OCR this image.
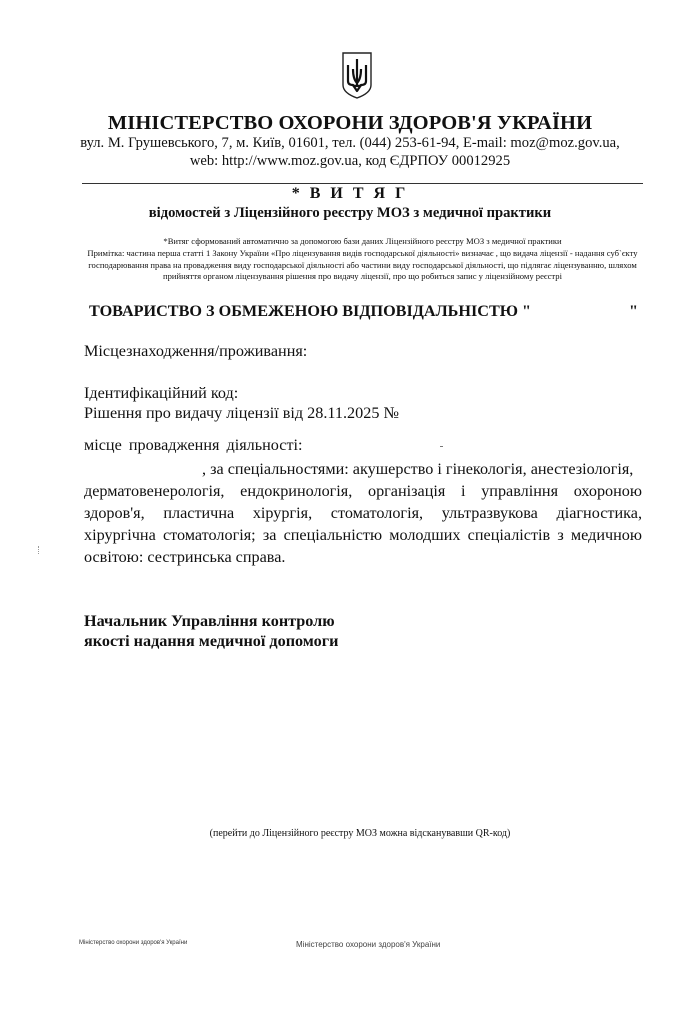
МІНІСТЕРСТВО ОХОРОНИ ЗДОРОВ'Я УКРАЇНИ
вул. М. Грушевського, 7, м. Київ, 01601, тел. (044) 253-61-94, E-mail: moz@moz.gov.ua,
web: http://www.moz.gov.ua, код ЄДРПОУ 00012925
* В И Т Я Г
відомостей з Ліцензійного реєстру МОЗ з медичної практики
*Витяг сформований автоматично за допомогою бази даних Ліцензійного реєстру МОЗ з медичної практики
Примітка: частина перша статті 1 Закону України «Про ліцензування видів господарської діяльності» визначає , що видача ліцензії - надання суб`єкту господарювання права на провадження виду господарської діяльності або частини виду господарської діяльності, що підлягає ліцензуванню, шляхом прийняття органом ліцензування рішення про видачу ліцензії, про що робиться запис у ліцензійному реєстрі
ТОВАРИСТВО З ОБМЕЖЕНОЮ ВІДПОВІДАЛЬНІСТЮ "	"
Місцезнаходження/проживання:
Ідентифікаційний код:
Рішення про видачу ліцензії від 28.11.2025 №
місце провадження діяльності:
, за спеціальностями: акушерство і гінекологія, анестезіологія,
дерматовенерологія, ендокринологія, організація і управління охороною здоров'я, пластична хірургія, стоматологія, ультразвукова діагностика, хірургічна стоматологія; за спеціальністю молодших спеціалістів з медичною освітою: сестринська справа.
Начальник Управління контролю
якості надання медичної допомоги
(перейти до Ліцензійного реєстру МОЗ можна відсканувавши QR-код)
Міністерство охорони здоров'я України	Міністерство охорони здоров'я України
